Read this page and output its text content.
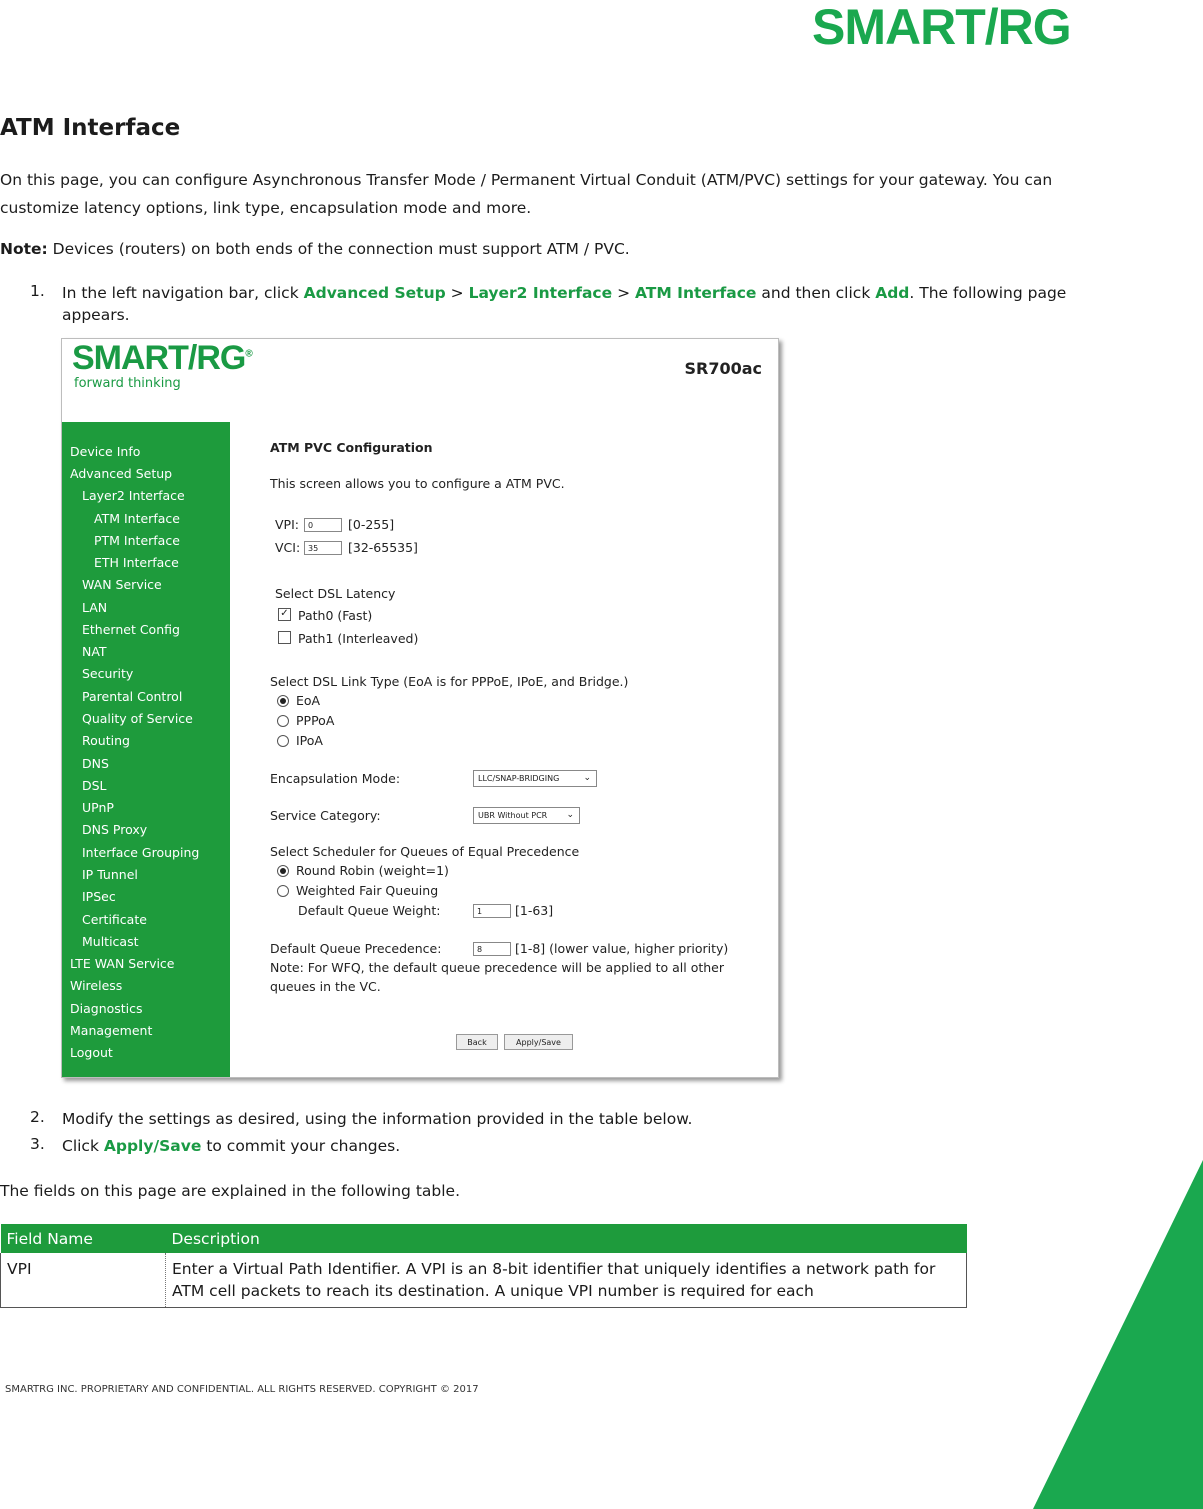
SMART/RG
ATM Interface
On this page, you can configure Asynchronous Transfer Mode / Permanent Virtual Conduit (ATM/PVC) settings for your gateway. You can customize latency options, link type, encapsulation mode and more.
Note: Devices (routers) on both ends of the connection must support ATM / PVC.
1. In the left navigation bar, click Advanced Setup > Layer2 Interface > ATM Interface and then click Add. The following page appears.
SMART/RG®
forward thinking
SR700ac
Device Info
Advanced Setup
Layer2 Interface
ATM Interface
PTM Interface
ETH Interface
WAN Service
LAN
Ethernet Config
NAT
Security
Parental Control
Quality of Service
Routing
DNS
DSL
UPnP
DNS Proxy
Interface Grouping
IP Tunnel
IPSec
Certificate
Multicast
LTE WAN Service
Wireless
Diagnostics
Management
Logout
ATM PVC Configuration
This screen allows you to configure a ATM PVC.
VPI:	0	[0-255]
VCI: 35	[32-65535]
Select DSL Latency
✓ Path0 (Fast)
Path1 (Interleaved)
Select DSL Link Type (EoA is for PPPoE, IPoE, and Bridge.)
EoA
PPPoA
IPoA
Encapsulation Mode:	LLC/SNAP-BRIDGING	⌄
Service Category:	UBR Without PCR ⌄
Select Scheduler for Queues of Equal Precedence
Round Robin (weight=1)
Weighted Fair Queuing
Default Queue Weight:	1	[1-63]
Default Queue Precedence:	8	[1-8] (lower value, higher priority)
Note: For WFQ, the default queue precedence will be applied to all other
queues in the VC.
Back	Apply/Save
2. Modify the settings as desired, using the information provided in the table below.
3. Click Apply/Save to commit your changes.
The fields on this page are explained in the following table.
Field Name	Description
VPI	Enter a Virtual Path Identifier. A VPI is an 8-bit identifier that uniquely identifies a network path for ATM cell packets to reach its destination. A unique VPI number is required for each
SMARTRG INC. PROPRIETARY AND CONFIDENTIAL. ALL RIGHTS RESERVED. COPYRIGHT © 2017
